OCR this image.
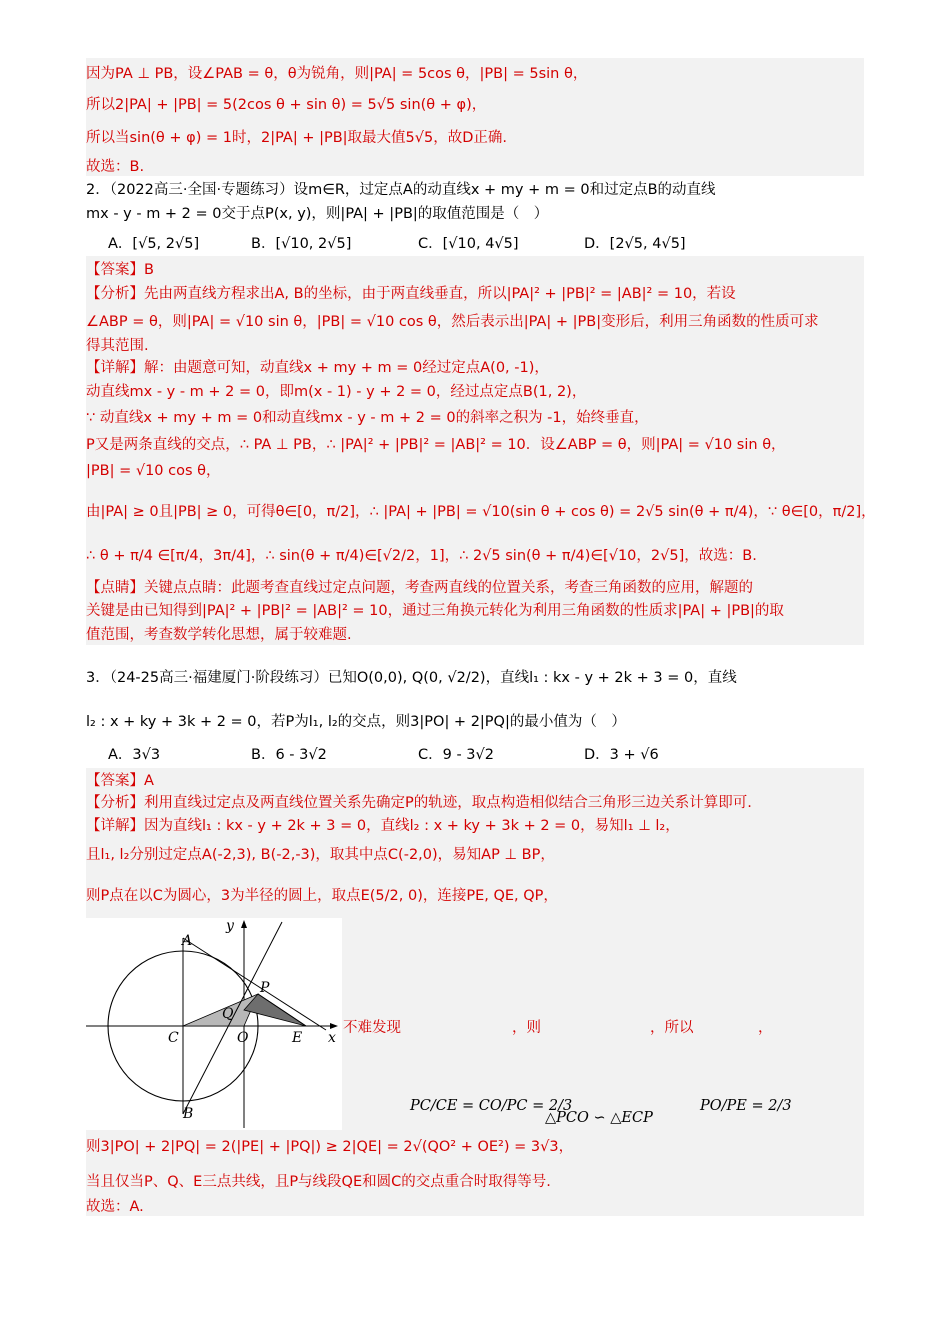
因为PA ⊥ PB，设∠PAB = θ，θ为锐角，则|PA| = 5cos θ，|PB| = 5sin θ，
所以2|PA| + |PB| = 5(2cos θ + sin θ) = 5√5 sin(θ + φ)，
所以当sin(θ + φ) = 1时，2|PA| + |PB|取最大值5√5，故D正确.
故选：B.
2．（2022高三·全国·专题练习）设m∈R，过定点A的动直线x + my + m = 0和过定点B的动直线
mx - y - m + 2 = 0交于点P(x, y)，则|PA| + |PB|的取值范围是（　）
A．[√5, 2√5]	B．[√10, 2√5]	C．[√10, 4√5]	D．[2√5, 4√5]
【答案】B
【分析】先由两直线方程求出A, B的坐标，由于两直线垂直，所以|PA|² + |PB|² = |AB|² = 10，若设
∠ABP = θ，则|PA| = √10 sin θ，|PB| = √10 cos θ，然后表示出|PA| + |PB|变形后，利用三角函数的性质可求
得其范围.
【详解】解：由题意可知，动直线x + my + m = 0经过定点A(0, -1)，
动直线mx - y - m + 2 = 0，即m(x - 1) - y + 2 = 0，经过点定点B(1, 2)，
∵ 动直线x + my + m = 0和动直线mx - y - m + 2 = 0的斜率之积为 -1，始终垂直，
P又是两条直线的交点，∴ PA ⊥ PB，∴ |PA|² + |PB|² = |AB|² = 10．设∠ABP = θ，则|PA| = √10 sin θ，
|PB| = √10 cos θ，
由|PA| ≥ 0且|PB| ≥ 0，可得θ∈[0，π/2]，∴ |PA| + |PB| = √10(sin θ + cos θ) = 2√5 sin(θ + π/4)，∵ θ∈[0，π/2]，
∴ θ + π/4 ∈[π/4，3π/4]，∴ sin(θ + π/4)∈[√2/2，1]，∴ 2√5 sin(θ + π/4)∈[√10，2√5]，故选：B.
【点睛】关键点点睛：此题考查直线过定点问题，考查两直线的位置关系，考查三角函数的应用，解题的
关键是由已知得到|PA|² + |PB|² = |AB|² = 10，通过三角换元转化为利用三角函数的性质求|PA| + |PB|的取
值范围，考查数学转化思想，属于较难题.
3．（24-25高三·福建厦门·阶段练习）已知O(0,0), Q(0, √2/2)，直线l₁ : kx - y + 2k + 3 = 0，直线
l₂ : x + ky + 3k + 2 = 0，若P为l₁, l₂的交点，则3|PO| + 2|PQ|的最小值为（　）
A．3√3	B．6 - 3√2	C．9 - 3√2	D．3 + √6
【答案】A
【分析】利用直线过定点及两直线位置关系先确定P的轨迹，取点构造相似结合三角形三边关系计算即可.
【详解】因为直线l₁ : kx - y + 2k + 3 = 0，直线l₂ : x + ky + 3k + 2 = 0，易知l₁ ⊥ l₂，
且l₁, l₂分别过定点A(-2,3), B(-2,-3)，取其中点C(-2,0)，易知AP ⊥ BP，
则P点在以C为圆心，3为半径的圆上，取点E(5/2, 0)，连接PE, QE, QP，
A
B
C	O
P
Q
E x
y
不难发现	，则	，所以	，
PC/CE = CO/PC = 2/3
△PCO ∽ △ECP
PO/PE = 2/3
则3|PO| + 2|PQ| = 2(|PE| + |PQ|) ≥ 2|QE| = 2√(QO² + OE²) = 3√3，
当且仅当P、Q、E三点共线，且P与线段QE和圆C的交点重合时取得等号.
故选：A.
